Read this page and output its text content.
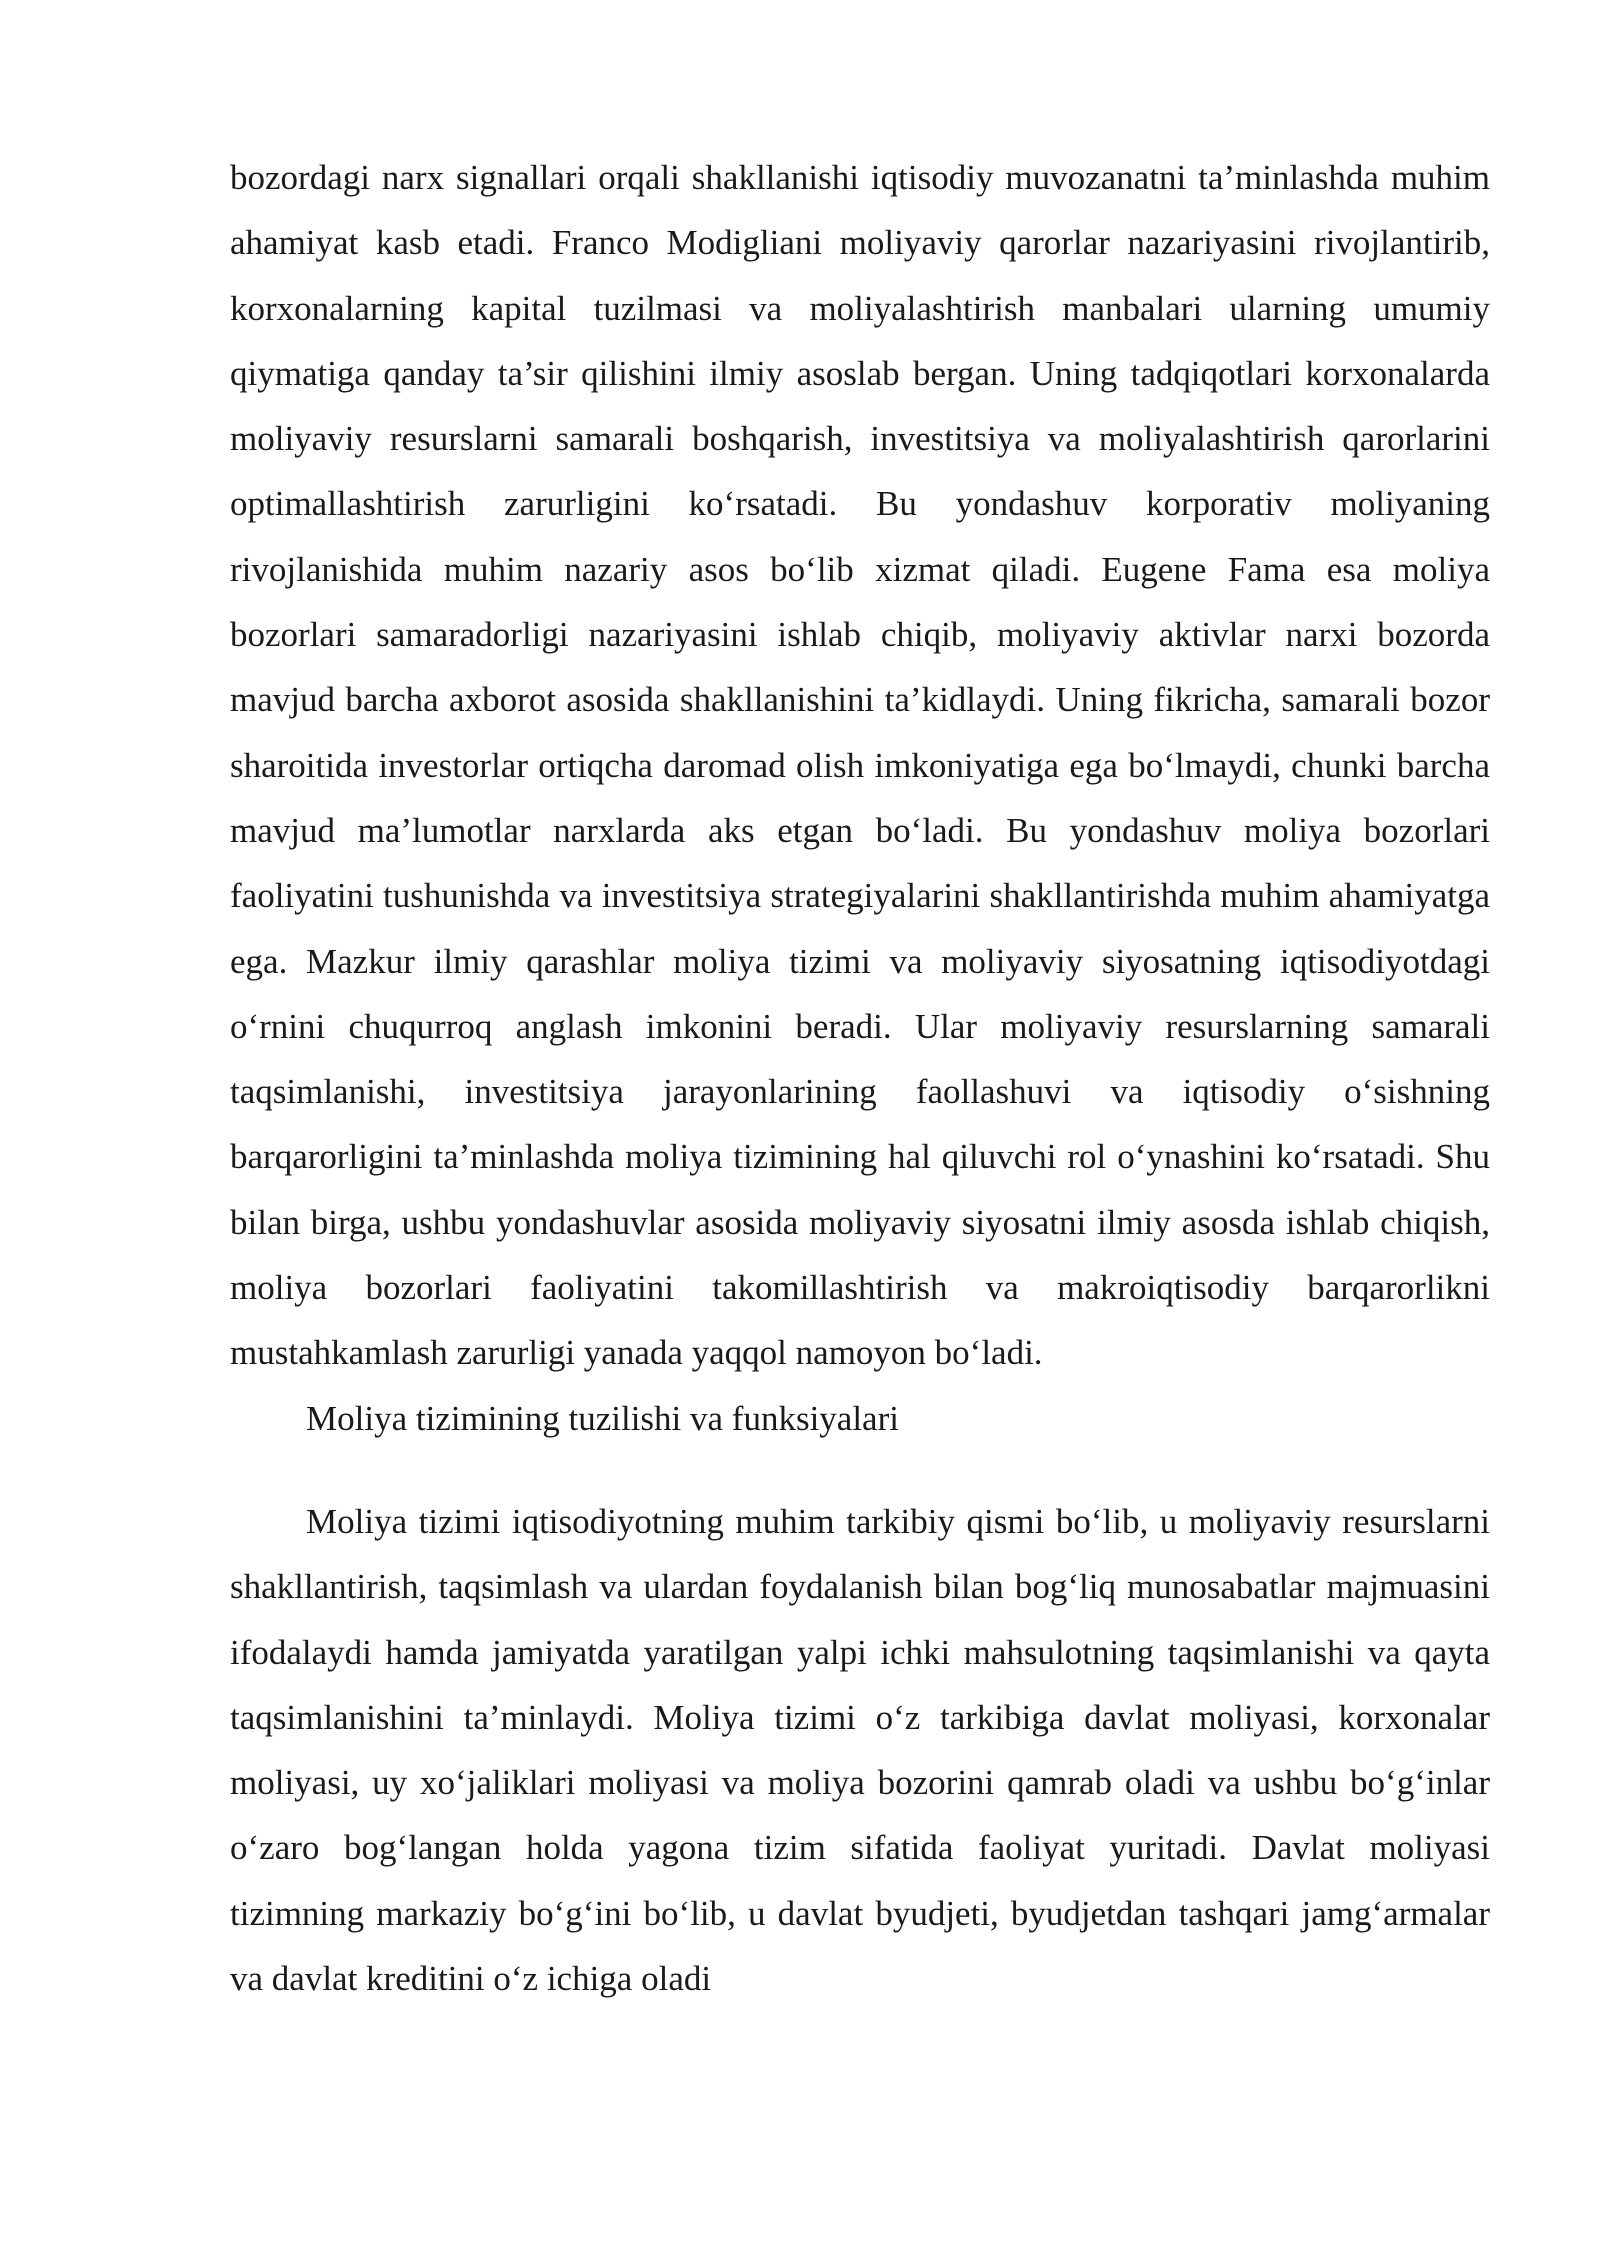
bozordagi narx signallari orqali shakllanishi iqtisodiy muvozanatni ta’minlashda muhim ahamiyat kasb etadi. Franco Modigliani moliyaviy qarorlar nazariyasini rivojlantirib, korxonalarning kapital tuzilmasi va moliyalashtirish manbalari ularning umumiy qiymatiga qanday ta’sir qilishini ilmiy asoslab bergan. Uning tadqiqotlari korxonalarda moliyaviy resurslarni samarali boshqarish, investitsiya va moliyalashtirish qarorlarini optimallashtirish zarurligini ko‘rsatadi. Bu yondashuv korporativ moliyaning rivojlanishida muhim nazariy asos bo‘lib xizmat qiladi. Eugene Fama esa moliya bozorlari samaradorligi nazariyasini ishlab chiqib, moliyaviy aktivlar narxi bozorda mavjud barcha axborot asosida shakllanishini ta’kidlaydi. Uning fikricha, samarali bozor sharoitida investorlar ortiqcha daromad olish imkoniyatiga ega bo‘lmaydi, chunki barcha mavjud ma’lumotlar narxlarda aks etgan bo‘ladi. Bu yondashuv moliya bozorlari faoliyatini tushunishda va investitsiya strategiyalarini shakllantirishda muhim ahamiyatga ega. Mazkur ilmiy qarashlar moliya tizimi va moliyaviy siyosatning iqtisodiyotdagi o‘rnini chuqurroq anglash imkonini beradi. Ular moliyaviy resurslarning samarali taqsimlanishi, investitsiya jarayonlarining faollashuvi va iqtisodiy o‘sishning barqarorligini ta’minlashda moliya tizimining hal qiluvchi rol o‘ynashini ko‘rsatadi. Shu bilan birga, ushbu yondashuvlar asosida moliyaviy siyosatni ilmiy asosda ishlab chiqish, moliya bozorlari faoliyatini takomillashtirish va makroiqtisodiy barqarorlikni mustahkamlash zarurligi yanada yaqqol namoyon bo‘ladi.

Moliya tizimining tuzilishi va funksiyalari

Moliya tizimi iqtisodiyotning muhim tarkibiy qismi bo‘lib, u moliyaviy resurslarni shakllantirish, taqsimlash va ulardan foydalanish bilan bog‘liq munosabatlar majmuasini ifodalaydi hamda jamiyatda yaratilgan yalpi ichki mahsulotning taqsimlanishi va qayta taqsimlanishini ta’minlaydi. Moliya tizimi o‘z tarkibiga davlat moliyasi, korxonalar moliyasi, uy xo‘jaliklari moliyasi va moliya bozorini qamrab oladi va ushbu bo‘g‘inlar o‘zaro bog‘langan holda yagona tizim sifatida faoliyat yuritadi. Davlat moliyasi tizimning markaziy bo‘g‘ini bo‘lib, u davlat byudjeti, byudjetdan tashqari jamg‘armalar va davlat kreditini o‘z ichiga oladi
